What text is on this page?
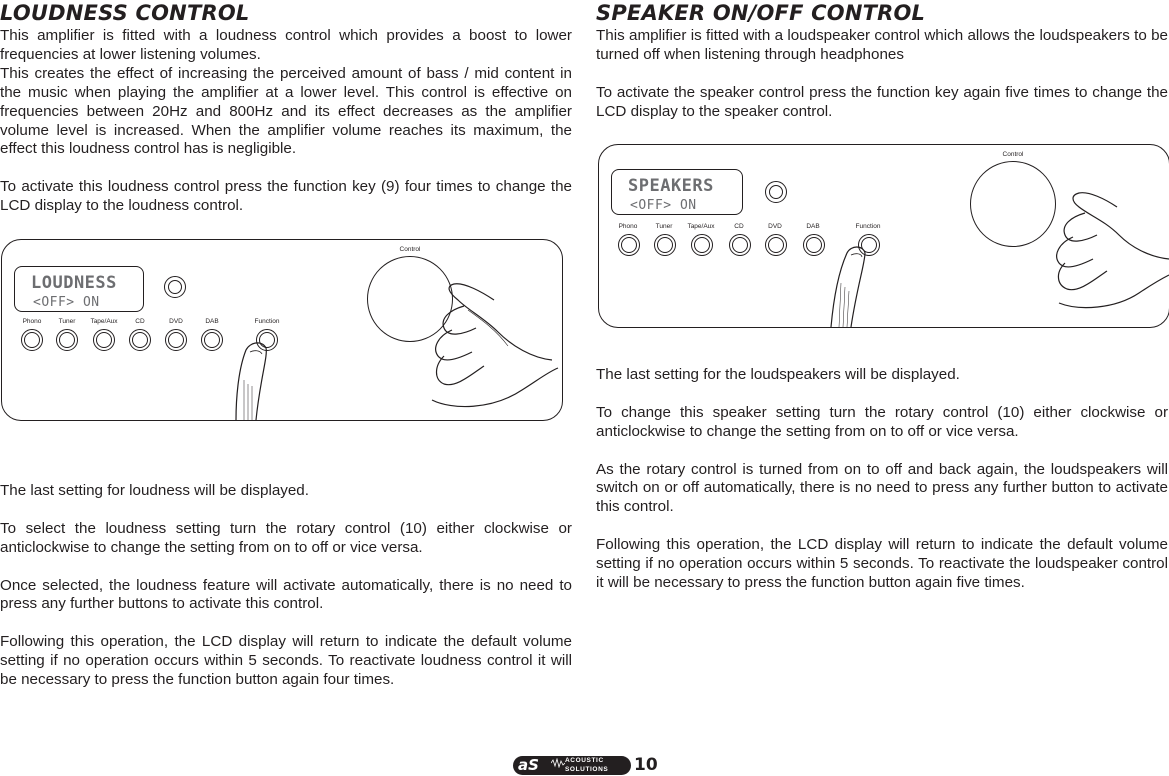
LOUDNESS CONTROL

This amplifier is fitted with a loudness control which provides a boost to lower frequencies at lower listening volumes.

This creates the effect of increasing the perceived amount of bass / mid content in the music when playing the amplifier at a lower level. This control is effective on frequencies between 20Hz and 800Hz and its effect decreases as the amplifier volume level is increased. When the amplifier volume reaches its maximum, the effect this loudness control has is negligible.

To activate this loudness control press the function key (9) four times to change the LCD display to the loudness control.

The last setting for loudness will be displayed.

To select the loudness setting turn the rotary control (10) either clockwise or anticlockwise to change the setting from on to off or vice versa.

Once selected, the loudness feature will activate automatically, there is no need to press any further buttons to activate this control.

Following this operation, the LCD display will return to indicate the default volume setting if no operation occurs within 5 seconds. To reactivate loudness control it will be necessary to press the function button again four times.

LOUDNESS
<OFF> ON
Phono	Tuner Tape/Aux	CD	DVD	DAB	Function
Control
SPEAKER ON/OFF CONTROL

This amplifier is fitted with a loudspeaker control which allows the loudspeakers to be turned off when listening through headphones

To activate the speaker control press the function key again five times to change the LCD display to the speaker control.

The last setting for the loudspeakers will be displayed.

To change this speaker setting turn the rotary control (10) either clockwise or anticlockwise to change the setting from on to off or vice versa.

As the rotary control is turned from on to off and back again, the loudspeakers will switch on or off automatically, there is no need to press any further button to activate this control.

Following this operation, the LCD display will return to indicate the default volume setting if no operation occurs within 5 seconds. To reactivate the loudspeaker control it will be necessary to press the function button again five times.

SPEAKERS
<OFF> ON
Phono	Tuner Tape/Aux	CD	DVD	DAB	Function
Control
aS	ACOUSTIC
SOLUTIONS 10
